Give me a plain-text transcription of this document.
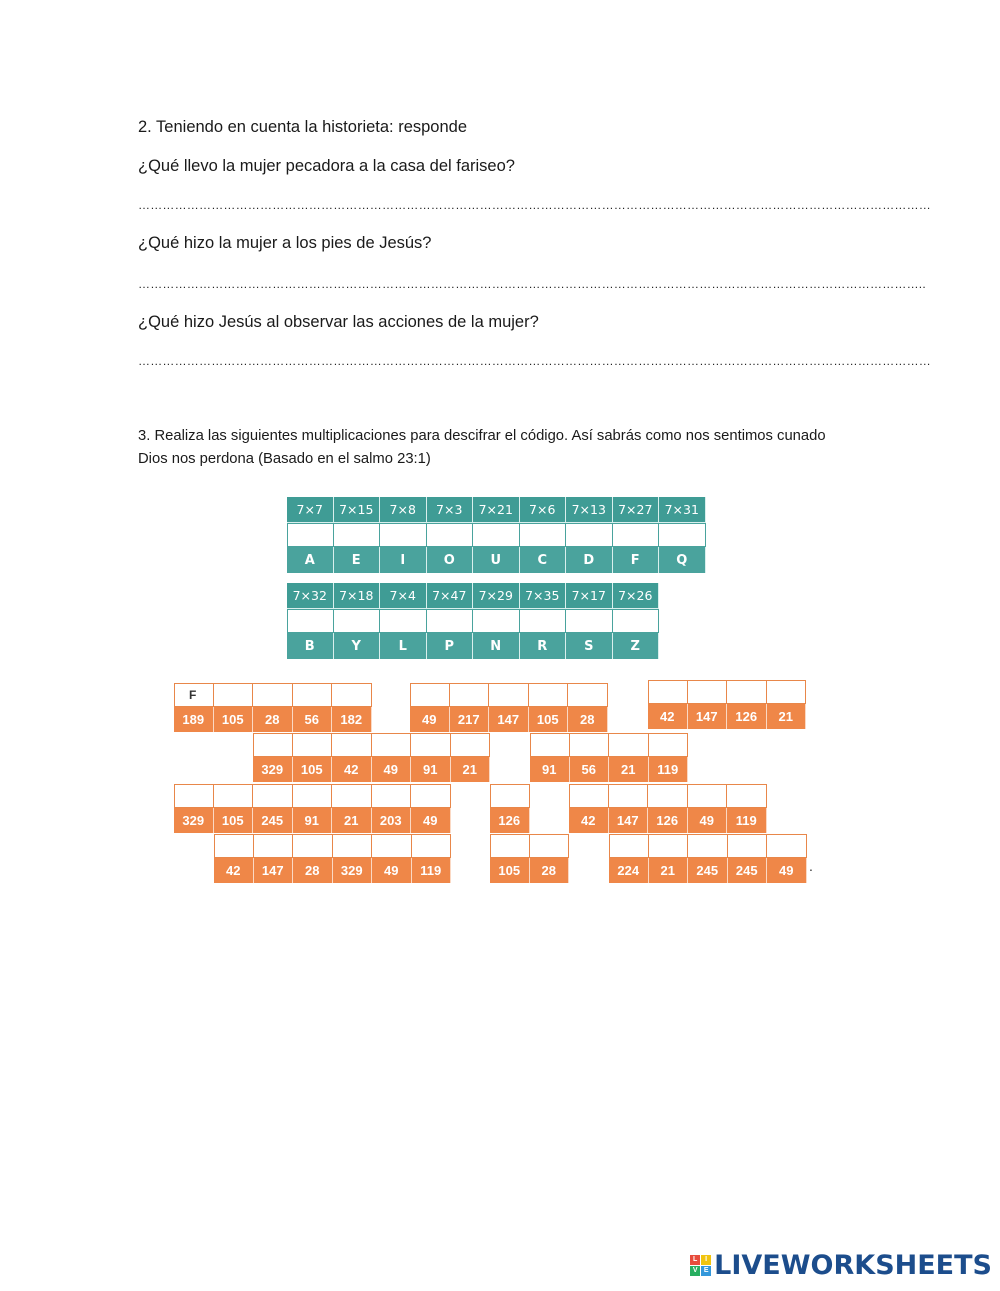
2. Teniendo en cuenta la historieta: responde
¿Qué llevo la mujer pecadora a la casa del fariseo?
……………………………………………………………………………………………………………………………………………………………………………
¿Qué hizo la mujer a los pies de Jesús?
…………………………………………………………………………………………………………………………………………………………………………..
¿Qué hizo Jesús al observar las acciones de la mujer?
……………………………………………………………………………………………………………………………………………………………………………
3. Realiza las siguientes multiplicaciones para descifrar el código. Así sabrás como nos sentimos cunado Dios nos perdona (Basado en el salmo 23:1)
7×7	7×15	7×8	7×3	7×21	7×6	7×13 7×27 7×31
A	E	I	O	U	C	D	F	Q
7×32 7×18	7×4	7×47 7×29 7×35 7×17 7×26
B	Y	L	P	N	R	S	Z
F
189	105	28	56	182	49	217	147	105	28	42	147	126	21
329	105	42	49	91	21	91	56	21	119
329	105	245	91	21	203	49	126	42	147	126	49	119
42	147	28	329	49	119	105	28	224	21	245	245	49	.
L	I
V E LIVEWORKSHEETS
